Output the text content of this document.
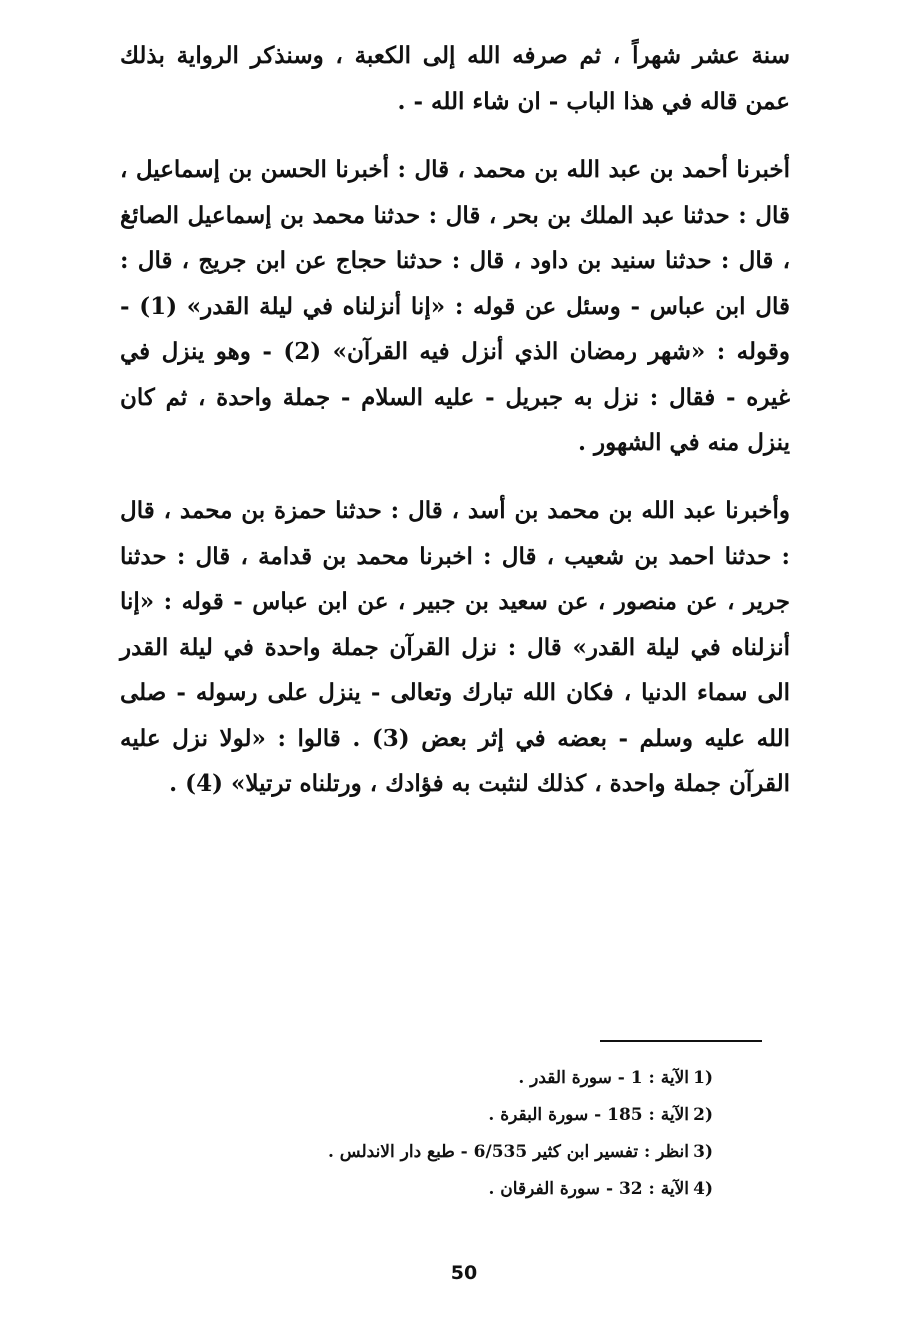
سنة عشر شهراً ، ثم صرفه الله إلى الكعبة ، وسنذكر الرواية بذلك عمن قاله في هذا الباب - ان شاء الله - .
أخبرنا أحمد بن عبد الله بن محمد ، قال : أخبرنا الحسن بن إسماعيل ، قال : حدثنا عبد الملك بن بحر ، قال : حدثنا محمد بن إسماعيل الصائغ ، قال : حدثنا سنيد بن داود ، قال : حدثنا حجاج عن ابن جريج ، قال : قال ابن عباس - وسئل عن قوله : «إنا أنزلناه في ليلة القدر» (1) - وقوله : «شهر رمضان الذي أنزل فيه القرآن» (2) - وهو ينزل في غيره - فقال : نزل به جبريل - عليه السلام - جملة واحدة ، ثم كان ينزل منه في الشهور .
وأخبرنا عبد الله بن محمد بن أسد ، قال : حدثنا حمزة بن محمد ، قال : حدثنا احمد بن شعيب ، قال : اخبرنا محمد بن قدامة ، قال : حدثنا جرير ، عن منصور ، عن سعيد بن جبير ، عن ابن عباس - قوله : «إنا أنزلناه في ليلة القدر» قال : نزل القرآن جملة واحدة في ليلة القدر الى سماء الدنيا ، فكان الله تبارك وتعالى - ينزل على رسوله - صلى الله عليه وسلم - بعضه في إثر بعض (3) . قالوا : «لولا نزل عليه القرآن جملة واحدة ، كذلك لنثبت به فؤادك ، ورتلناه ترتيلا» (4) .
(1
الآية : 1 - سورة القدر .
(2
الآية : 185 - سورة البقرة .
(3
انظر : تفسير ابن كثير 6/535 - طبع دار الاندلس .
(4
الآية : 32 - سورة الفرقان .
50
